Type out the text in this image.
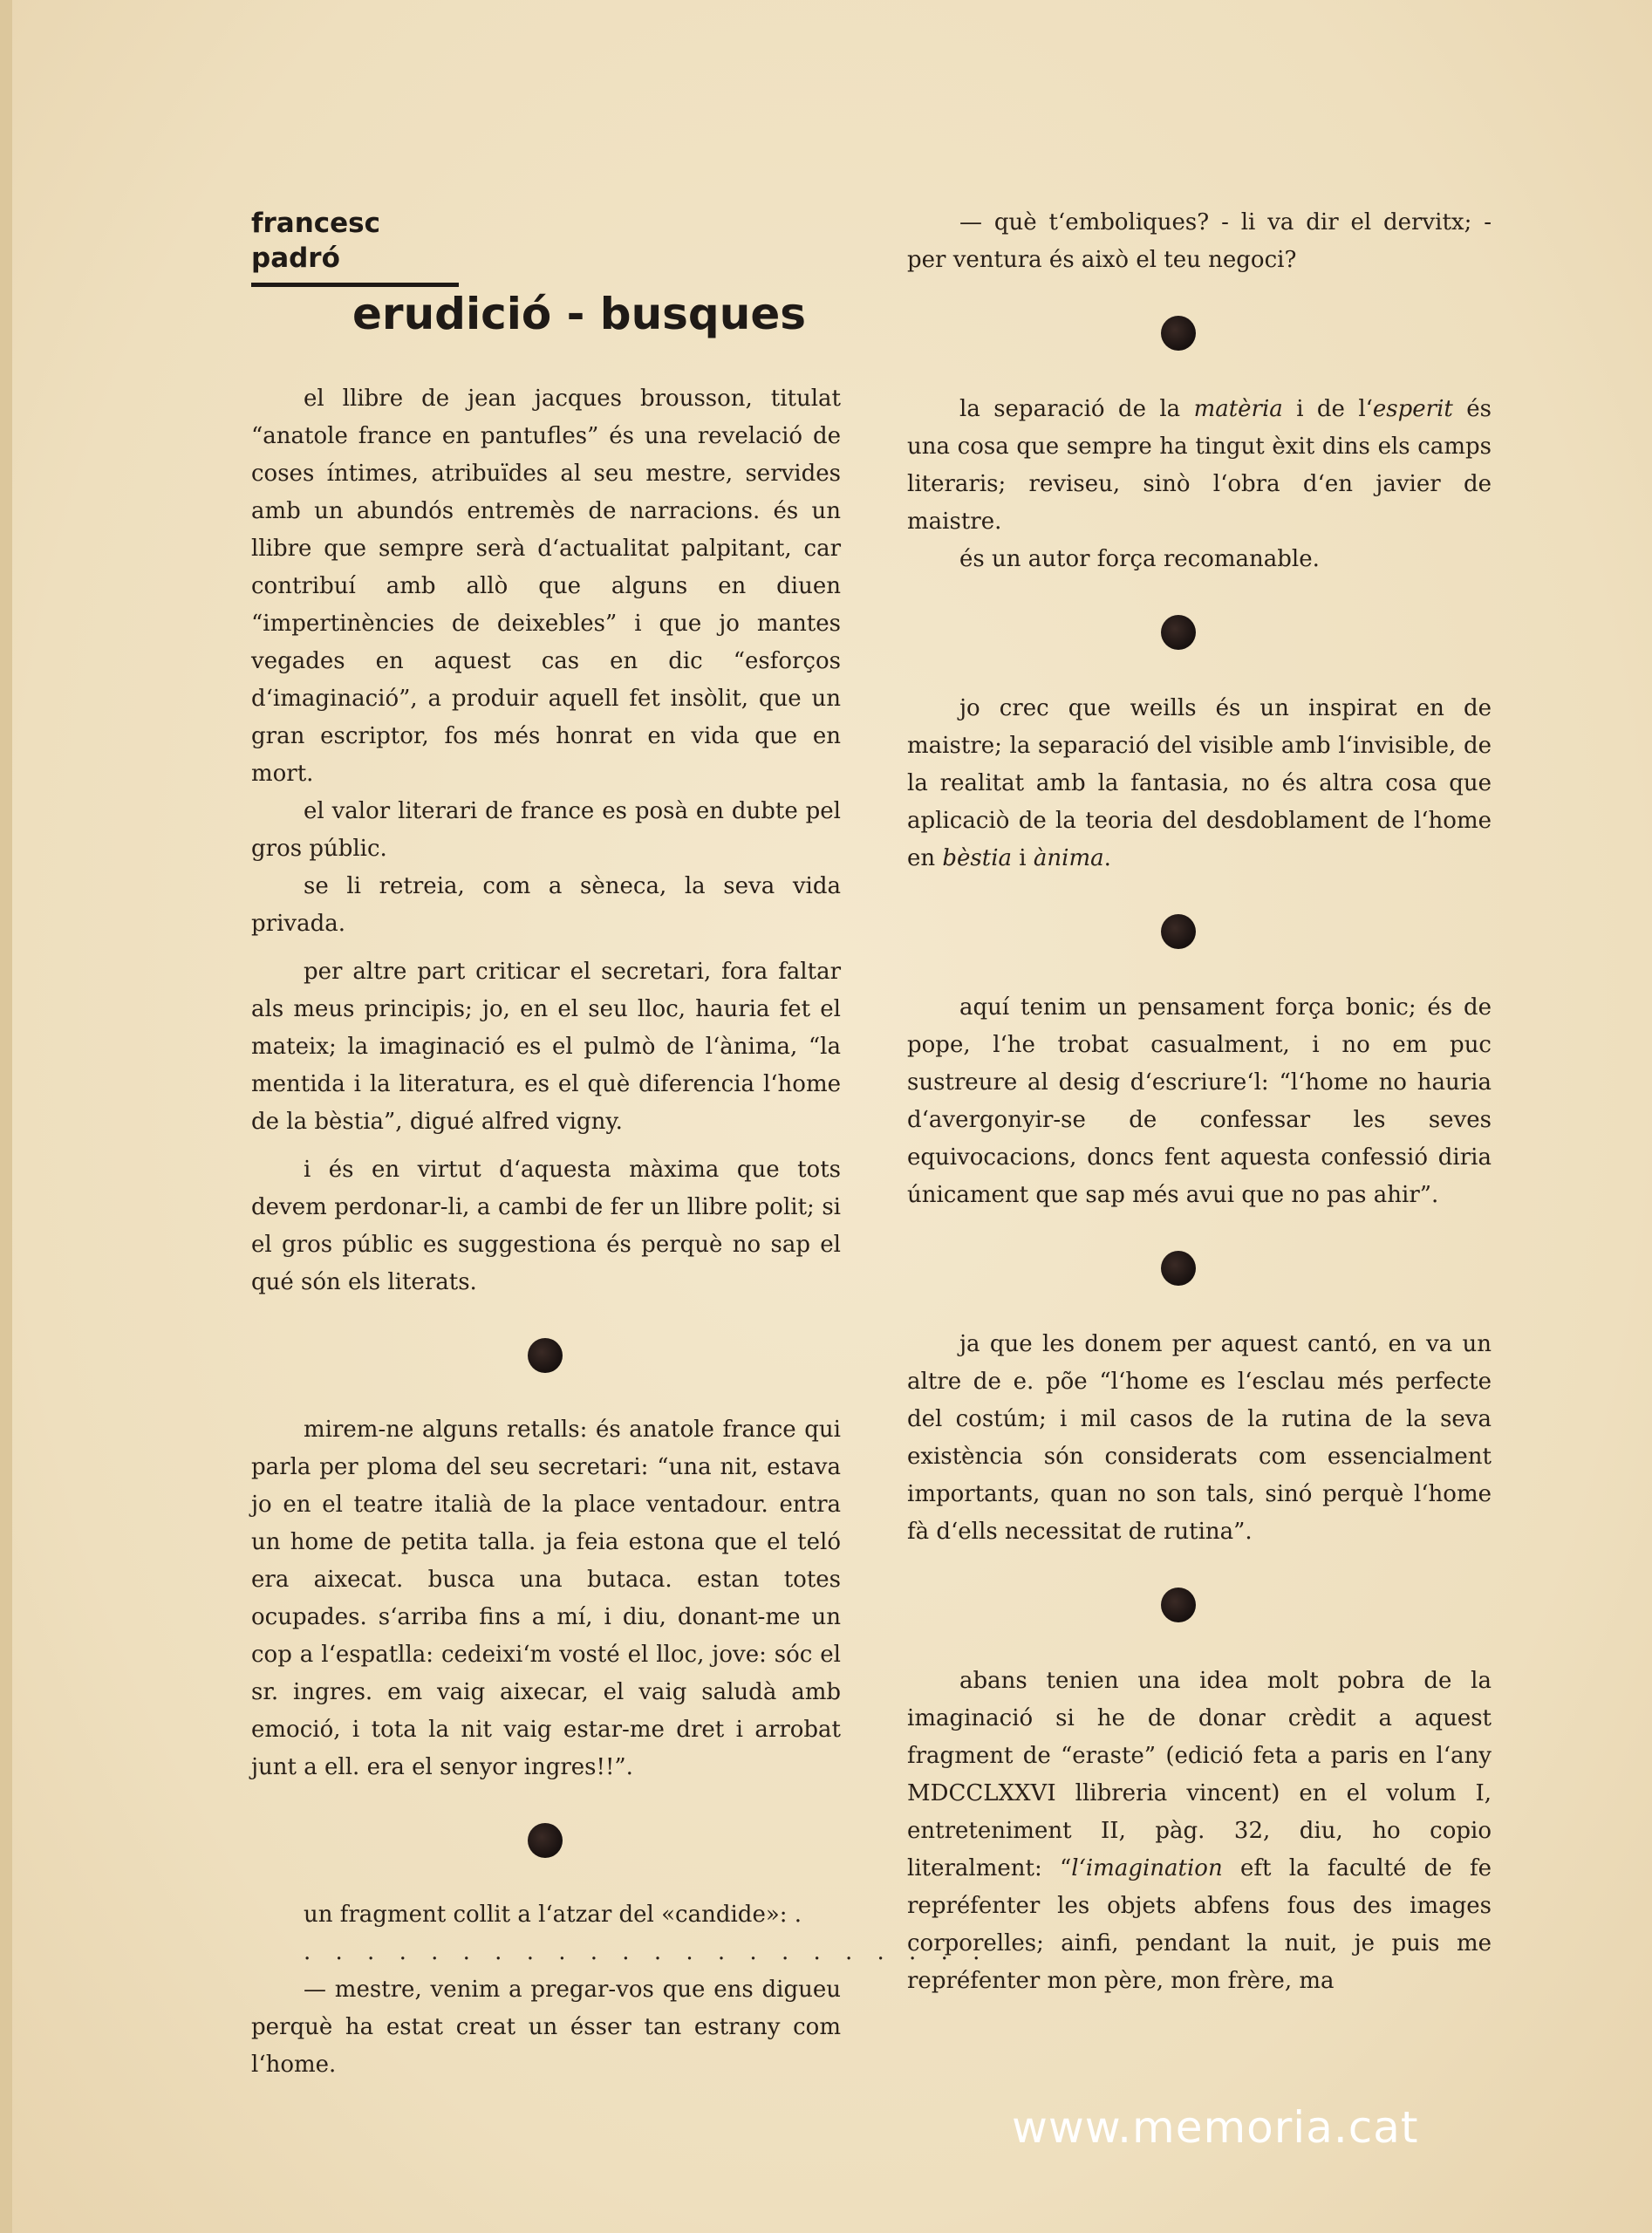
francesc padró
erudició - busques

el llibre de jean jacques brousson, titulat “anatole france en pantufles” és una revelació de coses íntimes, atribuïdes al seu mestre, servides amb un abundós entremès de narracions. és un llibre que sempre serà d‘actualitat palpitant, car contribuí amb allò que alguns en diuen “impertinències de deixebles” i que jo mantes vegades en aquest cas en dic “esforços d‘imaginació”, a produir aquell fet insòlit, que un gran escriptor, fos més honrat en vida que en mort.

el valor literari de france es posà en dubte pel gros públic.

se li retreia, com a sèneca, la seva vida privada.

per altre part criticar el secretari, fora faltar als meus principis; jo, en el seu lloc, hauria fet el mateix; la imaginació es el pulmò de l‘ànima, “la mentida i la literatura, es el què diferencia l‘home de la bèstia”, digué alfred vigny.

i és en virtut d‘aquesta màxima que tots devem perdonar-li, a cambi de fer un llibre polit; si el gros públic es suggestiona és perquè no sap el qué són els literats.

mirem-ne alguns retalls: és anatole france qui parla per ploma del seu secretari: “una nit, estava jo en el teatre italià de la place ventadour. entra un home de petita talla. ja feia estona que el teló era aixecat. busca una butaca. estan totes ocupades. s‘arriba fins a mí, i diu, donant-me un cop a l‘espatlla: cedeixi‘m vosté el lloc, jove: sóc el sr. ingres. em vaig aixecar, el vaig saludà amb emoció, i tota la nit vaig estar-me dret i arrobat junt a ell. era el senyor ingres!!”.

un fragment collit a l‘atzar del «candide»: .

. . . . . . . . . . . . . . . . . . . . . .

— mestre, venim a pregar-vos que ens digueu perquè ha estat creat un ésser tan estrany com l‘home.

— què t‘emboliques? - li va dir el dervitx; - per ventura és això el teu negoci?

la separació de la matèria i de l‘esperit és una cosa que sempre ha tingut èxit dins els camps literaris; reviseu, sinò l‘obra d‘en javier de maistre.

és un autor força recomanable.

jo crec que weills és un inspirat en de maistre; la separació del visible amb l‘invisible, de la realitat amb la fantasia, no és altra cosa que aplicaciò de la teoria del desdoblament de l‘home en bèstia i ànima.

aquí tenim un pensament força bonic; és de pope, l‘he trobat casualment, i no em puc sustreure al desig d‘escriure‘l: “l‘home no hauria d‘avergonyir-se de confessar les seves equivocacions, doncs fent aquesta confessió diria únicament que sap més avui que no pas ahir”.

ja que les donem per aquest cantó, en va un altre de e. põe “l‘home es l‘esclau més perfecte del costúm; i mil casos de la rutina de la seva existència són considerats com essencialment importants, quan no son tals, sinó perquè l‘home fà d‘ells necessitat de rutina”.

abans tenien una idea molt pobra de la imaginació si he de donar crèdit a aquest fragment de “eraste” (edició feta a paris en l‘any MDCCLXXVI llibreria vincent) en el volum I, entreteniment II, pàg. 32, diu, ho copio literalment: “l‘imagination eft la faculté de fe repréfenter les objets abfens fous des images corporelles; ainfi, pendant la nuit, je puis me repréfenter mon père, mon frère, ma

www.memoria.cat
